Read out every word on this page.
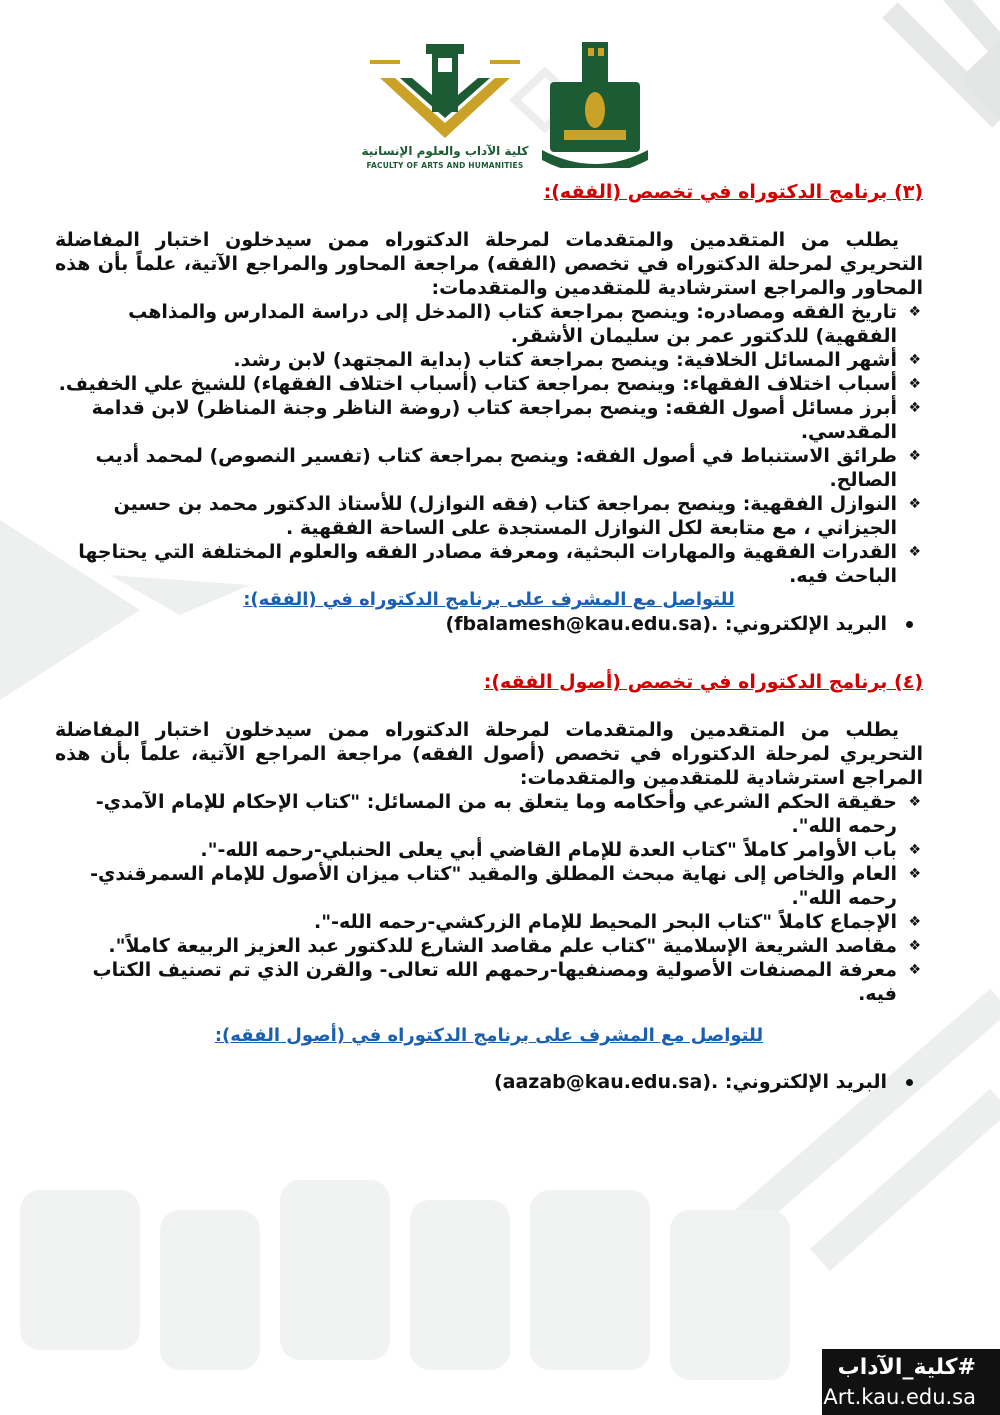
كلية الآداب والعلوم الإنسانية
FACULTY OF ARTS AND HUMANITIES

(٣) برنامج الدكتوراه في تخصص (الفقه):

يطلب من المتقدمين والمتقدمات لمرحلة الدكتوراه ممن سيدخلون اختبار المفاضلة التحريري لمرحلة الدكتوراه في تخصص (الفقه) مراجعة المحاور والمراجع الآتية، علماً بأن هذه المحاور والمراجع استرشادية للمتقدمين والمتقدمات:

❖
تاريخ الفقه ومصادره: وينصح بمراجعة كتاب (المدخل إلى دراسة المدارس والمذاهب الفقهية) للدكتور عمر بن سليمان الأشقر.
❖
أشهر المسائل الخلافية: وينصح بمراجعة كتاب (بداية المجتهد) لابن رشد.
❖
أسباب اختلاف الفقهاء: وينصح بمراجعة كتاب (أسباب اختلاف الفقهاء) للشيخ علي الخفيف.
❖
أبرز مسائل أصول الفقه: وينصح بمراجعة كتاب (روضة الناظر وجنة المناظر) لابن قدامة المقدسي.
❖
طرائق الاستنباط في أصول الفقه: وينصح بمراجعة كتاب (تفسير النصوص) لمحمد أديب الصالح.
❖
النوازل الفقهية: وينصح بمراجعة كتاب (فقه النوازل) للأستاذ الدكتور محمد بن حسين الجيزاني ، مع متابعة لكل النوازل المستجدة على الساحة الفقهية .
❖
القدرات الفقهية والمهارات البحثية، ومعرفة مصادر الفقه والعلوم المختلفة التي يحتاجها الباحث فيه.

للتواصل مع المشرف على برنامج الدكتوراه في (الفقه):

البريد الإلكتروني: (fbalamesh@kau.edu.sa).

(٤) برنامج الدكتوراه في تخصص (أصول الفقه):

يطلب من المتقدمين والمتقدمات لمرحلة الدكتوراه ممن سيدخلون اختبار المفاضلة التحريري لمرحلة الدكتوراه في تخصص (أصول الفقه) مراجعة المراجع الآتية، علماً بأن هذه المراجع استرشادية للمتقدمين والمتقدمات:

❖
حقيقة الحكم الشرعي وأحكامه وما يتعلق به من المسائل: "كتاب الإحكام للإمام الآمدي-رحمه الله".
❖
باب الأوامر كاملاً "كتاب العدة للإمام القاضي أبي يعلى الحنبلي-رحمه الله-".
❖
العام والخاص إلى نهاية مبحث المطلق والمقيد "كتاب ميزان الأصول للإمام السمرقندي-رحمه الله".
❖
الإجماع كاملاً "كتاب البحر المحيط للإمام الزركشي-رحمه الله-".
❖
مقاصد الشريعة الإسلامية "كتاب علم مقاصد الشارع للدكتور عبد العزيز الربيعة كاملاً".
❖
معرفة المصنفات الأصولية ومصنفيها-رحمهم الله تعالى- والقرن الذي تم تصنيف الكتاب فيه.

للتواصل مع المشرف على برنامج الدكتوراه في (أصول الفقه):

البريد الإلكتروني: (aazab@kau.edu.sa).
#كلية_الآداب
Art.kau.edu.sa
